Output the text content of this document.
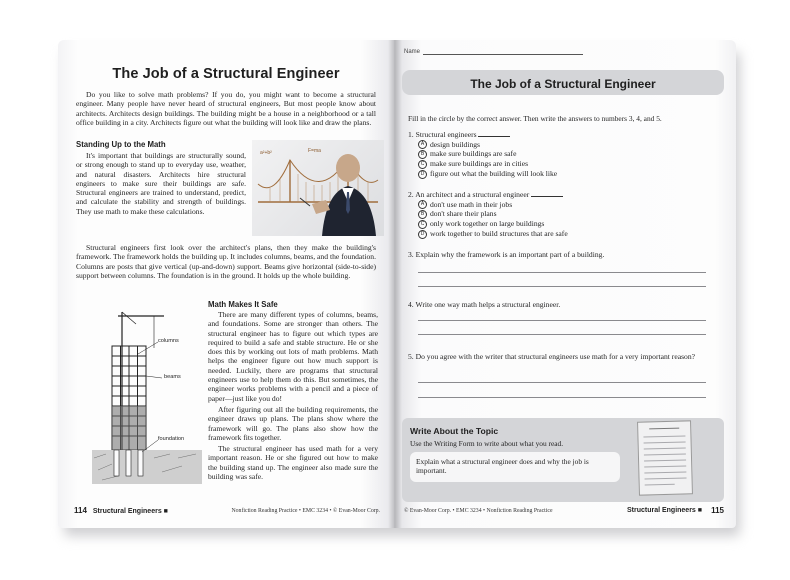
The Job of a Structural Engineer

Do you like to solve math problems? If you do, you might want to become a structural engineer. Many people have never heard of structural engineers, But most people know about architects. Architects design buildings. The building might be a house in a neighborhood or a tall office building in a city. Architects figure out what the building will look like and draw the plans.

Standing Up to the Math

It's important that buildings are structurally sound, or strong enough to stand up to everyday use, weather, and natural disasters. Architects hire structural engineers to make sure their buildings are safe. Structural engineers are trained to understand, predict, and calculate the stability and strength of buildings. They use math to make these calculations.

a²+b²	F=ma

Structural engineers first look over the architect's plans, then they make the building's framework. The framework holds the building up. It includes columns, beams, and the foundation. Columns are posts that give vertical (up-and-down) support. Beams give horizontal (side-to-side) support between columns. The foundation is in the ground. It holds up the whole building.

columns
beams
foundation
Math Makes It Safe

There are many different types of columns, beams, and foundations. Some are stronger than others. The structural engineer has to figure out which types are required to build a safe and stable structure. He or she does this by working out lots of math problems. Math helps the engineer figure out how much support is needed. Luckily, there are programs that structural engineers use to help them do this. But sometimes, the engineer works problems with a pencil and a piece of paper—just like you do!

After figuring out all the building requirements, the engineer draws up plans. The plans show where the framework will go. The plans also show how the framework fits together.

The structural engineer has used math for a very important reason. He or she figured out how to make the building stand up. The engineer also made sure the building was safe.

114 Structural Engineers ■	Nonfiction Reading Practice • EMC 3234 • © Evan-Moor Corp.
Name
The Job of a Structural Engineer
Fill in the circle by the correct answer. Then write the answers to numbers 3, 4, and 5.
1. Structural engineers
A design buildings
B make sure buildings are safe
C make sure buildings are in cities
D figure out what the building will look like
2. An architect and a structural engineer
A don't use math in their jobs
B don't share their plans
C only work together on large buildings
D work together to build structures that are safe
3. Explain why the framework is an important part of a building.
4. Write one way math helps a structural engineer.
5. Do you agree with the writer that structural engineers use math for a very important reason?
Write About the Topic
Use the Writing Form to write about what you read.
Explain what a structural engineer does and why the job is important.
© Evan-Moor Corp. • EMC 3234 • Nonfiction Reading Practice	Structural Engineers ■ 115
